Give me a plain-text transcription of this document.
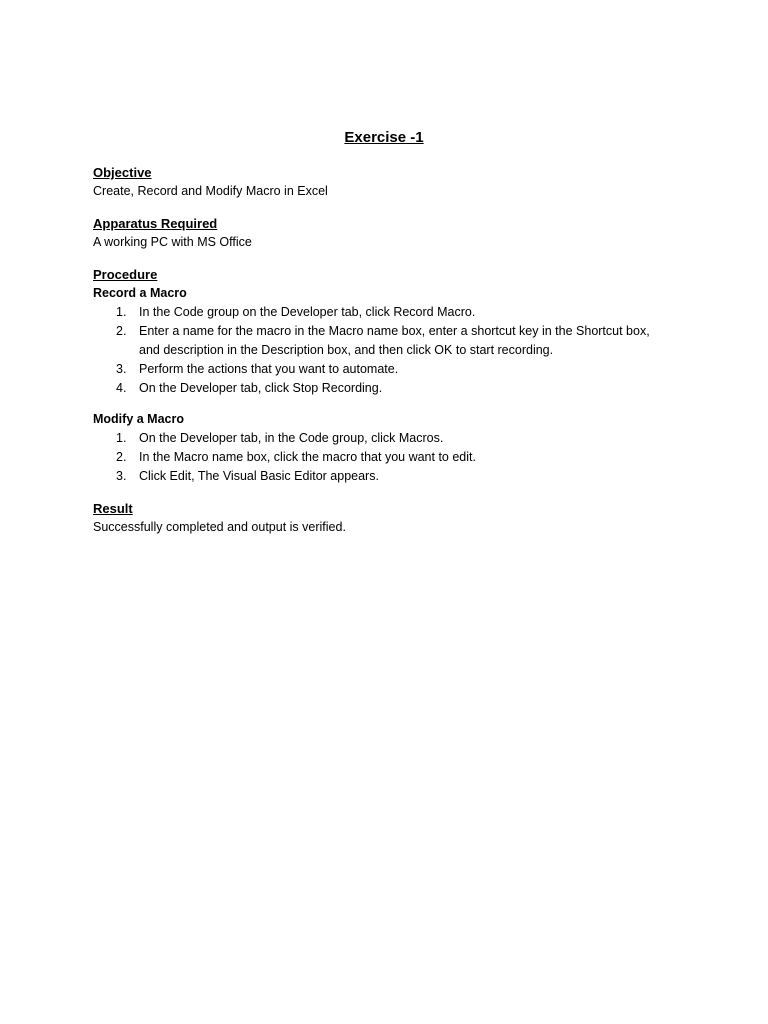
Exercise -1
Objective
Create, Record and Modify Macro in Excel
Apparatus Required
A working PC with MS Office
Procedure
Record a Macro
1. In the Code group on the Developer tab, click Record Macro.
2. Enter a name for the macro in the Macro name box, enter a shortcut key in the Shortcut box, and description in the Description box, and then click OK to start recording.
3. Perform the actions that you want to automate.
4. On the Developer tab, click Stop Recording.
Modify a Macro
1. On the Developer tab, in the Code group, click Macros.
2. In the Macro name box, click the macro that you want to edit.
3. Click Edit, The Visual Basic Editor appears.
Result
Successfully completed and output is verified.
